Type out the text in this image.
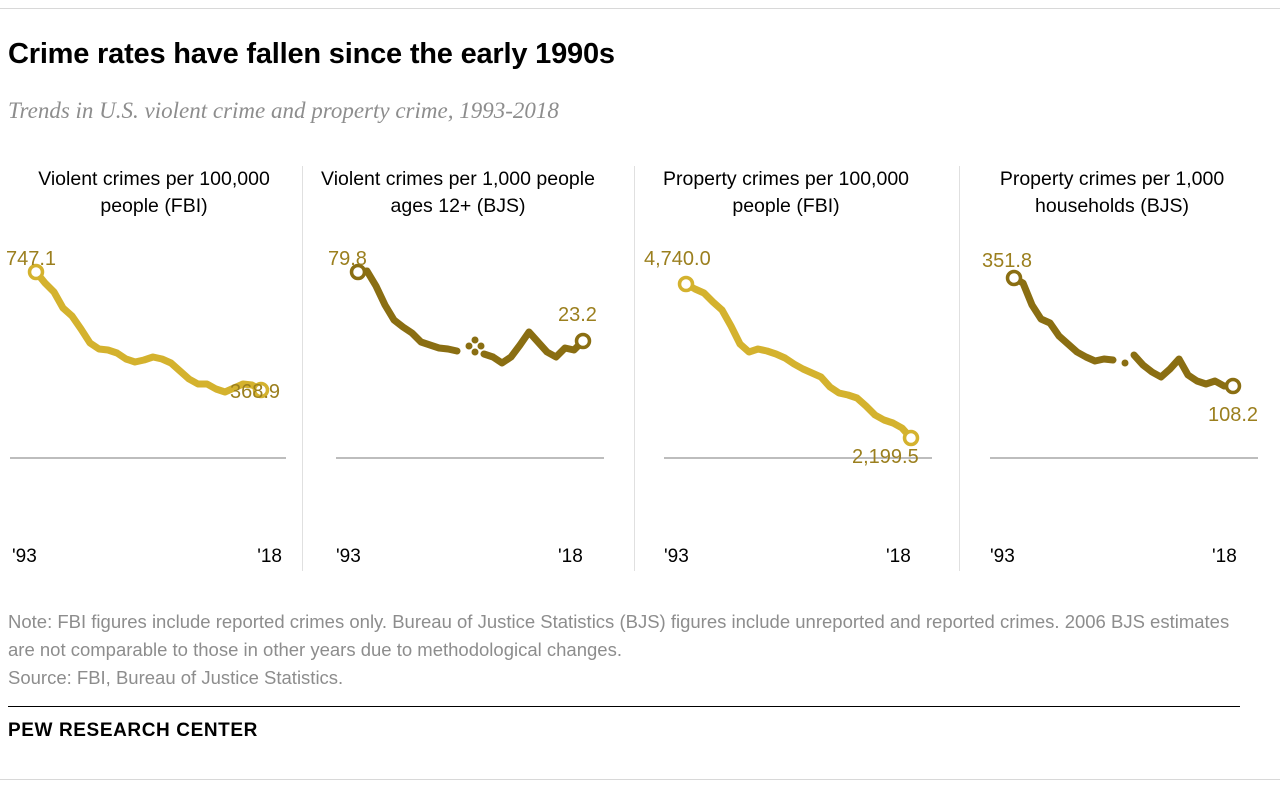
Crime rates have fallen since the early 1990s
Trends in U.S. violent crime and property crime, 1993-2018
Violent crimes per 100,000 people (FBI)
747.1
368.9
'93	'18
Violent crimes per 1,000 people ages 12+ (BJS)
79.8
23.2
'93	'18
Property crimes per 100,000 people (FBI)
4,740.0
2,199.5
'93	'18
Property crimes per 1,000 households (BJS)
351.8
108.2
'93	'18
Note: FBI figures include reported crimes only. Bureau of Justice Statistics (BJS) figures include unreported and reported crimes. 2006 BJS estimates are not comparable to those in other years due to methodological changes.
Source: FBI, Bureau of Justice Statistics.
PEW RESEARCH CENTER
